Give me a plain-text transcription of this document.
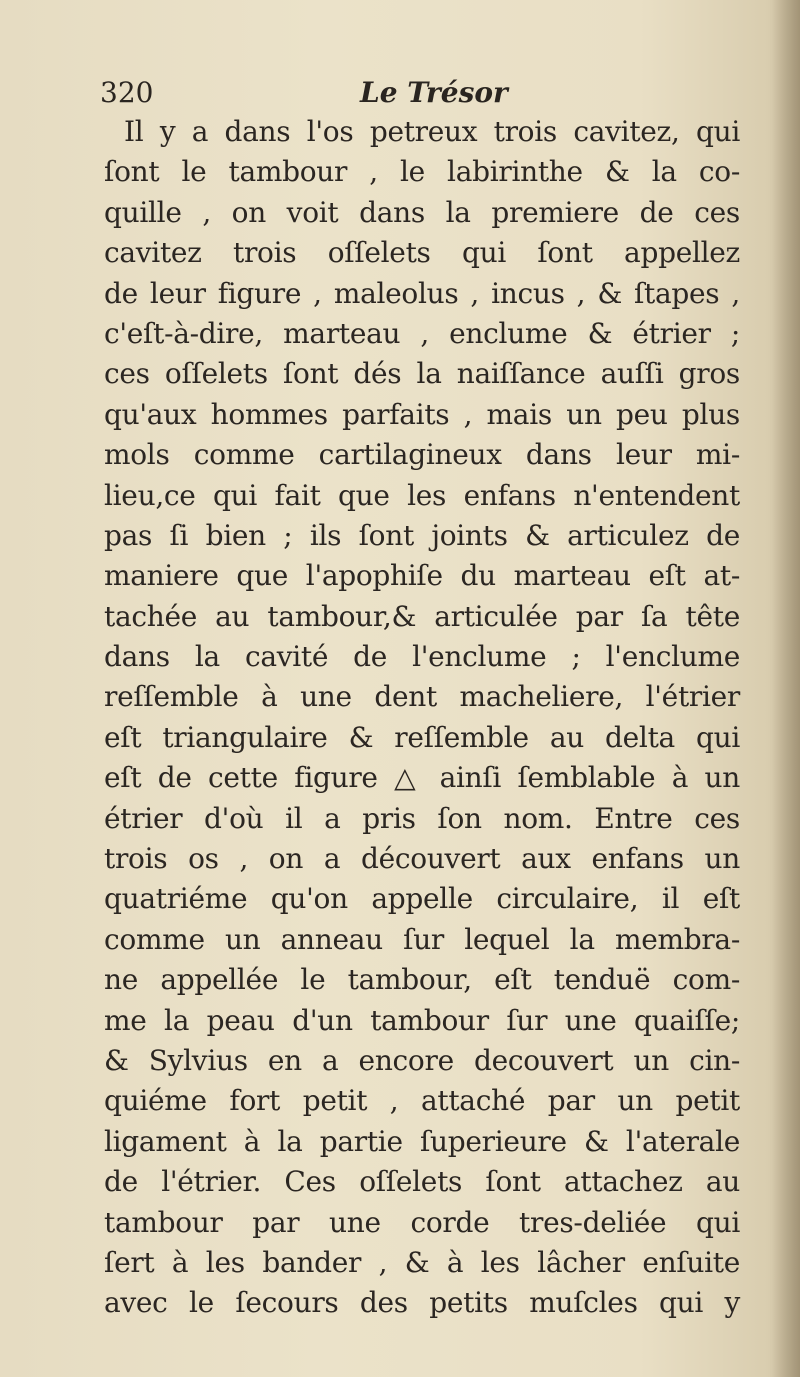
320	Le Trésor
Il y a dans l'os petreux trois cavitez, qui
ſont le tambour , le labirinthe & la co-
quille , on voit dans la premiere de ces
cavitez trois oſſelets qui ſont appellez
de leur figure , maleolus , incus , & ſtapes ,
c'eſt-à-dire, marteau , enclume & étrier ;
ces oſſelets ſont dés la naiſſance auſſi gros
qu'aux hommes parfaits , mais un peu plus
mols comme cartilagineux dans leur mi-
lieu,ce qui fait que les enfans n'entendent
pas ſi bien ; ils ſont joints & articulez de
maniere que l'apophiſe du marteau eſt at-
tachée au tambour,& articulée par ſa tête
dans la cavité de l'enclume ; l'enclume
reſſemble à une dent macheliere, l'étrier
eſt triangulaire & reſſemble au delta qui
eſt de cette figure △ ainſi ſemblable à un
étrier d'où il a pris ſon nom. Entre ces
trois os , on a découvert aux enfans un
quatriéme qu'on appelle circulaire, il eſt
comme un anneau ſur lequel la membra-
ne appellée le tambour, eſt tenduë com-
me la peau d'un tambour ſur une quaiſſe;
& Sylvius en a encore decouvert un cin-
quiéme fort petit , attaché par un petit
ligament à la partie ſuperieure & l'aterale
de l'étrier. Ces oſſelets ſont attachez au
tambour par une corde tres-deliée qui
ſert à les bander , & à les lâcher enſuite
avec le ſecours des petits muſcles qui y
